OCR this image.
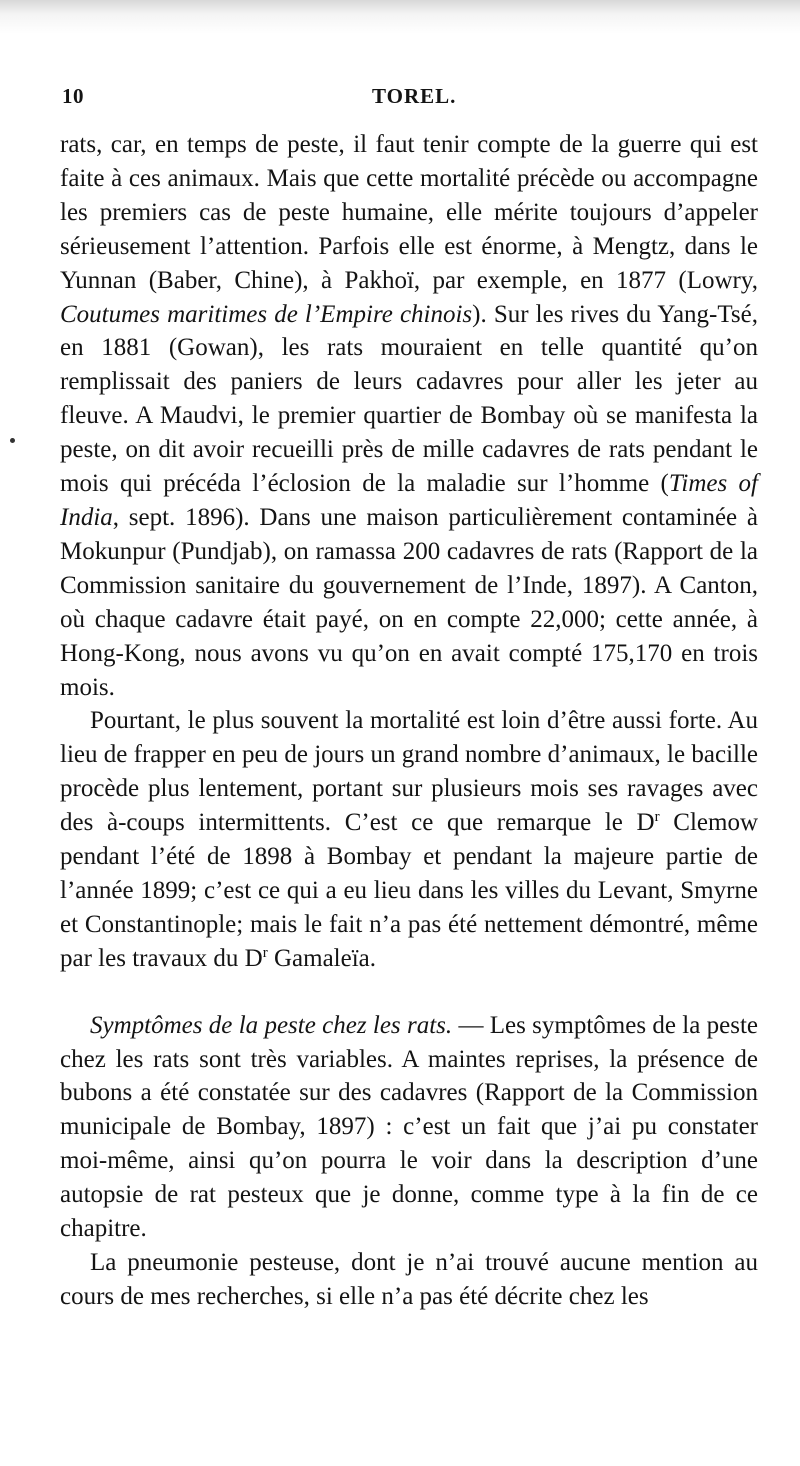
10	TOREL.

rats, car, en temps de peste, il faut tenir compte de la guerre qui est faite à ces animaux. Mais que cette mortalité précède ou accompagne les premiers cas de peste humaine, elle mérite toujours d’appeler sérieusement l’attention. Parfois elle est énorme, à Mengtz, dans le Yunnan (Baber, Chine), à Pakhoï, par exemple, en 1877 (Lowry, Coutumes maritimes de l’Empire chinois). Sur les rives du Yang-Tsé, en 1881 (Gowan), les rats mouraient en telle quantité qu’on remplissait des paniers de leurs cadavres pour aller les jeter au fleuve. A Maudvi, le premier quartier de Bombay où se manifesta la peste, on dit avoir recueilli près de mille cadavres de rats pendant le mois qui précéda l’éclosion de la maladie sur l’homme (Times of India, sept. 1896). Dans une maison particulièrement contaminée à Mokunpur (Pundjab), on ramassa 200 cadavres de rats (Rapport de la Commission sanitaire du gouvernement de l’Inde, 1897). A Canton, où chaque cadavre était payé, on en compte 22,000; cette année, à Hong-Kong, nous avons vu qu’on en avait compté 175,170 en trois mois.

Pourtant, le plus souvent la mortalité est loin d’être aussi forte. Au lieu de frapper en peu de jours un grand nombre d’animaux, le bacille procède plus lentement, portant sur plusieurs mois ses ravages avec des à-coups intermittents. C’est ce que remarque le $D^r$ Clemow pendant l’été de 1898 à Bombay et pendant la majeure partie de l’année 1899; c’est ce qui a eu lieu dans les villes du Levant, Smyrne et Constantinople; mais le fait n’a pas été nettement démontré, même par les travaux du $D^r$ Gamaleïa.

Symptômes de la peste chez les rats. — Les symptômes de la peste chez les rats sont très variables. A maintes reprises, la présence de bubons a été constatée sur des cadavres (Rapport de la Commission municipale de Bombay, 1897) : c’est un fait que j’ai pu constater moi-même, ainsi qu’on pourra le voir dans la description d’une autopsie de rat pesteux que je donne, comme type à la fin de ce chapitre.

La pneumonie pesteuse, dont je n’ai trouvé aucune mention au cours de mes recherches, si elle n’a pas été décrite chez les
